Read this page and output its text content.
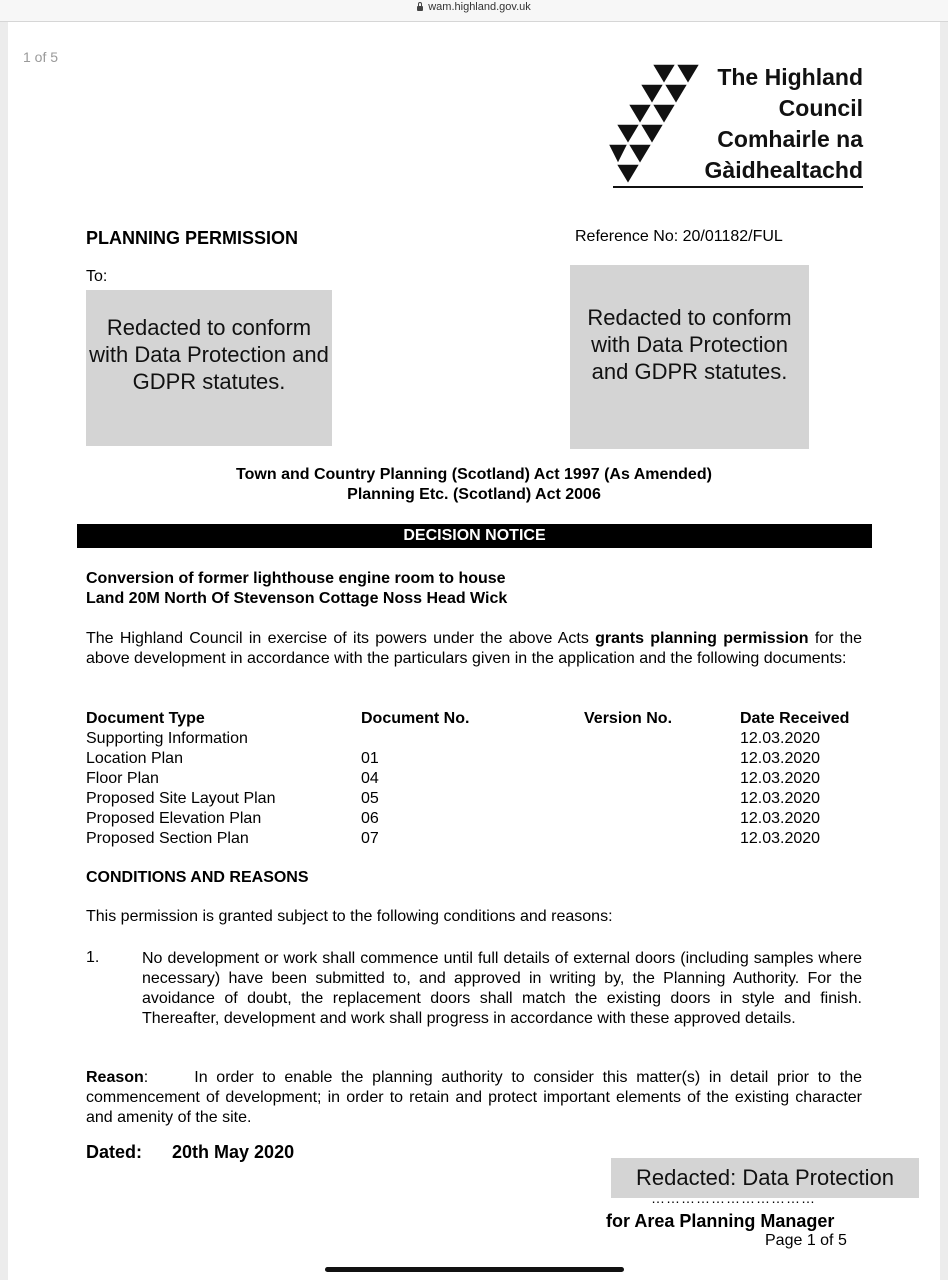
wam.highland.gov.uk
1 of 5
The Highland
Council
Comhairle na
Gàidhealtachd
PLANNING PERMISSION	Reference No: 20/01182/FUL
To:
Redacted to conform with Data Protection and GDPR statutes.
Redacted to conform with Data Protection and GDPR statutes.
Town and Country Planning (Scotland) Act 1997 (As Amended)
Planning Etc. (Scotland) Act 2006
DECISION NOTICE
Conversion of former lighthouse engine room to house
Land 20M North Of Stevenson Cottage Noss Head Wick
The Highland Council in exercise of its powers under the above Acts grants planning permission for the above development in accordance with the particulars given in the application and the following documents:
Document Type	Document No.	Version No.	Date Received
Supporting Information			12.03.2020
Location Plan	01		12.03.2020
Floor Plan	04		12.03.2020
Proposed Site Layout Plan	05		12.03.2020
Proposed Elevation Plan	06		12.03.2020
Proposed Section Plan	07		12.03.2020
CONDITIONS AND REASONS
This permission is granted subject to the following conditions and reasons:
1.	No development or work shall commence until full details of external doors (including samples where necessary) have been submitted to, and approved in writing by, the Planning Authority. For the avoidance of doubt, the replacement doors shall match the existing doors in style and finish. Thereafter, development and work shall progress in accordance with these approved details.
Reason:	In order to enable the planning authority to consider this matter(s) in detail prior to the commencement of development; in order to retain and protect important elements of the existing character and amenity of the site.
Dated: 20th May 2020
Redacted: Data Protection
……………………………
for Area Planning Manager
Page 1 of 5
